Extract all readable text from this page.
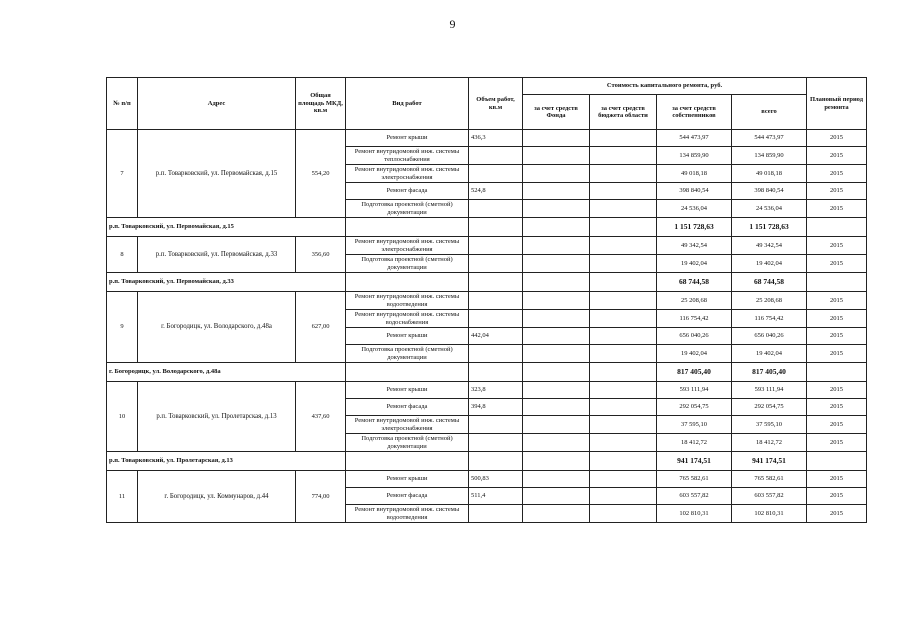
9
№ п/п	Адрес	Общая площадь МКД, кв.м	Вид работ	Объем работ, кв.м	Стоимость капитального ремонта, руб.				Плановый период ремонта
					за счет средств Фонда	за счет средств бюджета области	за счет средств собственников	всего	
7	р.п. Товарковский, ул. Первомайская, д.15	554,20	Ремонт крыши	436,3			544 473,97	544 473,97	2015
			Ремонт внутридомовой инж. системы теплоснабжения				134 859,90	134 859,90	2015
			Ремонт внутридомовой инж. системы электроснабжения				49 018,18	49 018,18	2015
			Ремонт фасада	524,8			398 840,54	398 840,54	2015
			Подготовка проектной (сметной) документации				24 536,04	24 536,04	2015
р.п. Товарковский, ул. Первомайская, д.15							1 151 728,63	1 151 728,63	
8	р.п. Товарковский, ул. Первомайская, д.33	356,60	Ремонт внутридомовой инж. системы электроснабжения				49 342,54	49 342,54	2015
			Подготовка проектной (сметной) документации				19 402,04	19 402,04	2015
р.п. Товарковский, ул. Первомайская, д.33							68 744,58	68 744,58	
9	г. Богородицк, ул. Володарского, д.48а	627,00	Ремонт внутридомовой инж. системы водоотведения				25 208,68	25 208,68	2015
			Ремонт внутридомовой инж. системы водоснабжения				116 754,42	116 754,42	2015
			Ремонт крыши	442,04			656 040,26	656 040,26	2015
			Подготовка проектной (сметной) документации				19 402,04	19 402,04	2015
г. Богородицк, ул. Володарского, д.48а							817 405,40	817 405,40	
10	р.п. Товарковский, ул. Пролетарская, д.13	437,60	Ремонт крыши	323,8			593 111,94	593 111,94	2015
			Ремонт фасада	394,8			292 054,75	292 054,75	2015
			Ремонт внутридомовой инж. системы электроснабжения				37 595,10	37 595,10	2015
			Подготовка проектной (сметной) документации				18 412,72	18 412,72	2015
р.п. Товарковский, ул. Пролетарская, д.13							941 174,51	941 174,51	
11	г. Богородицк, ул. Коммунаров, д.44	774,00	Ремонт крыши	500,83			765 582,61	765 582,61	2015
			Ремонт фасада	511,4			603 557,82	603 557,82	2015
			Ремонт внутридомовой инж. системы водоотведения				102 810,31	102 810,31	2015
